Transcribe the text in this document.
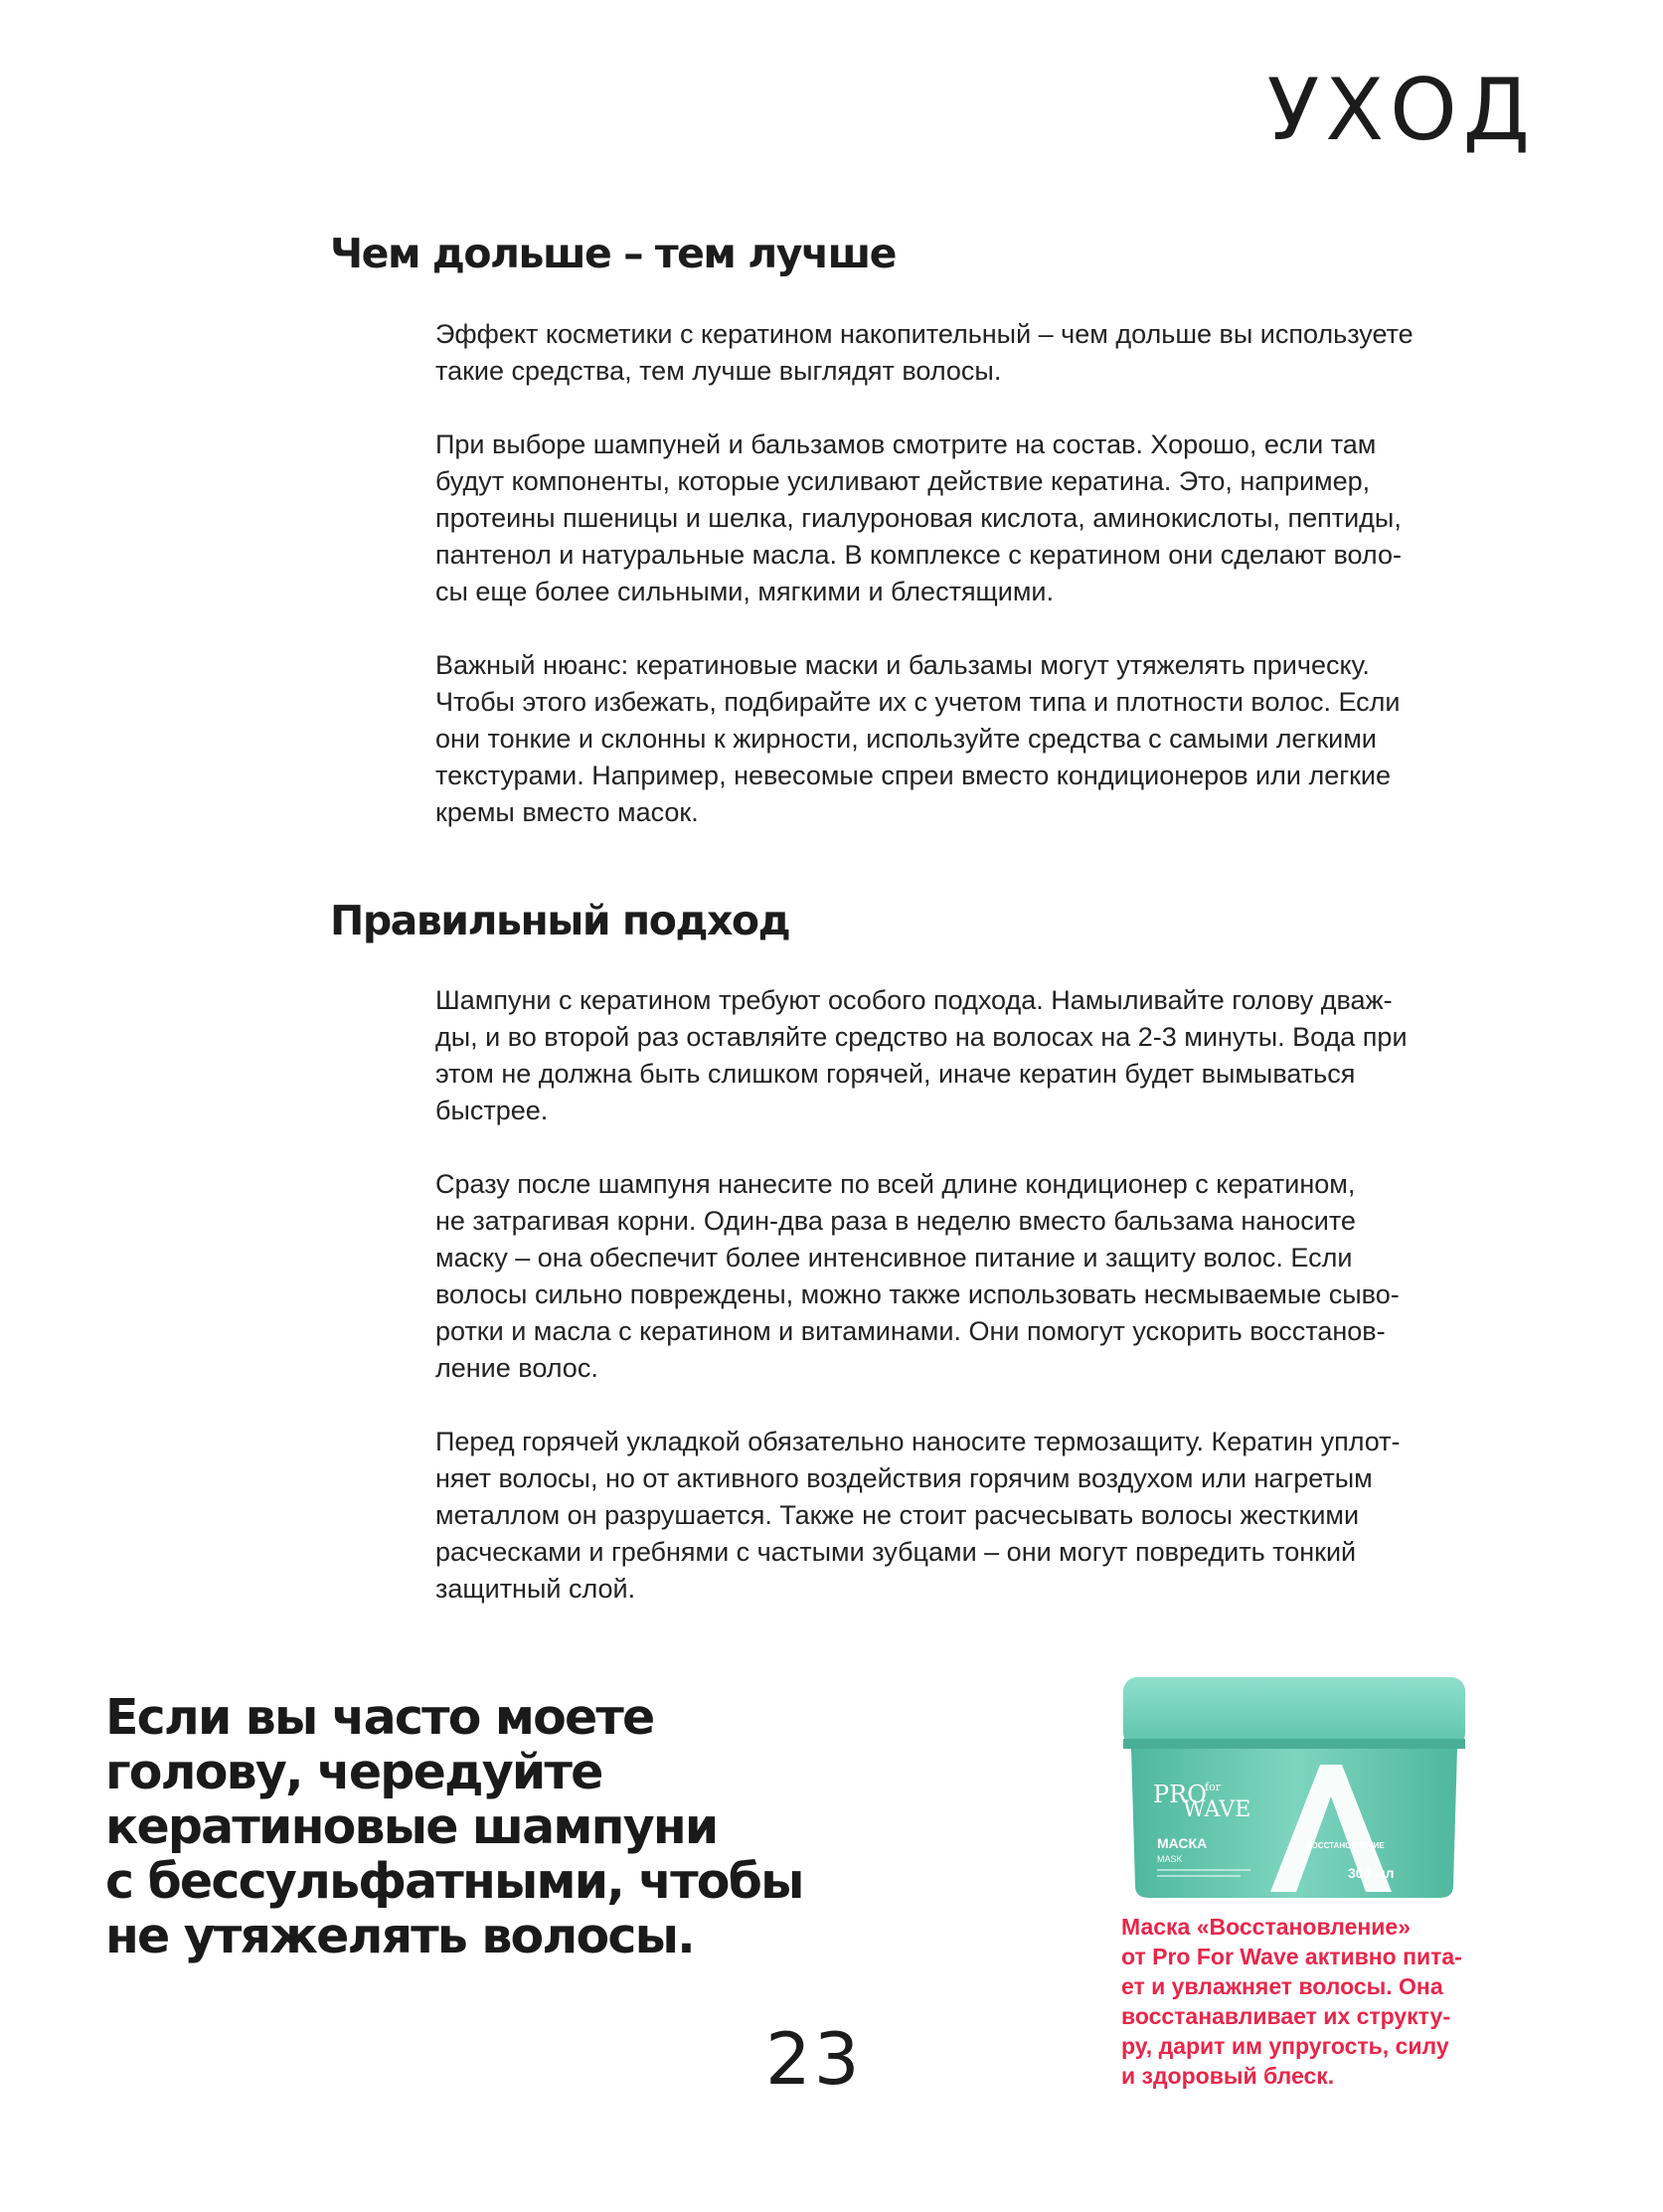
УХОД
Чем дольше – тем лучше

Эффект косметики с кератином накопительный – чем дольше вы используете
такие средства, тем лучше выглядят волосы.

При выборе шампуней и бальзамов смотрите на состав. Хорошо, если там
будут компоненты, которые усиливают действие кератина. Это, например,
протеины пшеницы и шелка, гиалуроновая кислота, аминокислоты, пептиды,
пантенол и натуральные масла. В комплексе с кератином они сделают воло-
сы еще более сильными, мягкими и блестящими.

Важный нюанс: кератиновые маски и бальзамы могут утяжелять прическу.
Чтобы этого избежать, подбирайте их с учетом типа и плотности волос. Если
они тонкие и склонны к жирности, используйте средства с самыми легкими
текстурами. Например, невесомые спреи вместо кондиционеров или легкие
кремы вместо масок.

Правильный подход

Шампуни с кератином требуют особого подхода. Намыливайте голову дваж-
ды, и во второй раз оставляйте средство на волосах на 2-3 минуты. Вода при
этом не должна быть слишком горячей, иначе кератин будет вымываться
быстрее.

Сразу после шампуня нанесите по всей длине кондиционер с кератином,
не затрагивая корни. Один-два раза в неделю вместо бальзама наносите
маску – она обеспечит более интенсивное питание и защиту волос. Если
волосы сильно повреждены, можно также использовать несмываемые сыво-
ротки и масла с кератином и витаминами. Они помогут ускорить восстанов-
ление волос.

Перед горячей укладкой обязательно наносите термозащиту. Кератин уплот-
няет волосы, но от активного воздействия горячим воздухом или нагретым
металлом он разрушается. Также не стоит расчесывать волосы жесткими
расческами и гребнями с частыми зубцами – они могут повредить тонкий
защитный слой.

Если вы часто моете
голову, чередуйте
кератиновые шампуни
с бессульфатными, чтобы
не утяжелять волосы.
PRO
for
WAVE
МАСКА
MASK
ВОССТАНОВЛЕНИЕ
300 мл
Маска «Восстановление»
от Pro For Wave активно пита-
ет и увлажняет волосы. Она
восстанавливает их структу-
ру, дарит им упругость, силу
и здоровый блеск.
23
